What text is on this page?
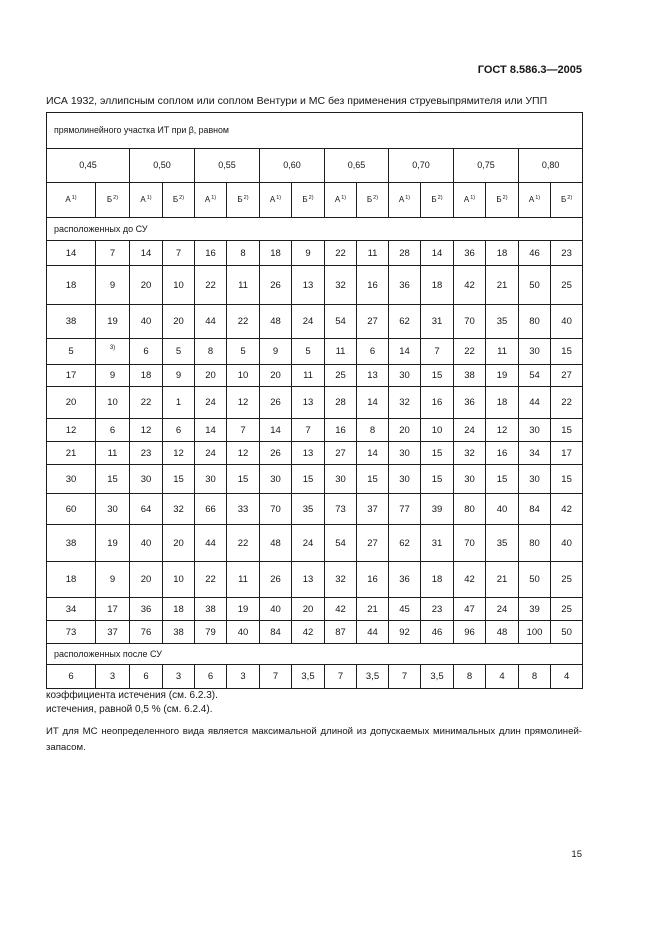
ГОСТ 8.586.3—2005
ИСА 1932, эллипсным соплом или соплом Вентури и МС без применения струевыпрямителя или УПП
прямолинейного участка ИТ при β, равном															
0,45		0,50		0,55		0,60		0,65		0,70		0,75		0,80	
$А^{1)}$	$Б^{2)}$	$А^{1)}$	$Б^{2)}$	$А^{1)}$	$Б^{2)}$	$А^{1)}$	$Б^{2)}$	$А^{1)}$	$Б^{2)}$	$А^{1)}$	$Б^{2)}$	$А^{1)}$	$Б^{2)}$	$А^{1)}$	$Б^{2)}$
расположенных до СУ															
14	7	14	7	16	8	18	9	22	11	28	14	36	18	46	23
18	9	20	10	22	11	26	13	32	16	36	18	42	21	50	25
38	19	40	20	44	22	48	24	54	27	62	31	70	35	80	40
5	$^{3)}$	6	5	8	5	9	5	11	6	14	7	22	11	30	15
17	9	18	9	20	10	20	11	25	13	30	15	38	19	54	27
20	10	22	1	24	12	26	13	28	14	32	16	36	18	44	22
12	6	12	6	14	7	14	7	16	8	20	10	24	12	30	15
21	11	23	12	24	12	26	13	27	14	30	15	32	16	34	17
30	15	30	15	30	15	30	15	30	15	30	15	30	15	30	15
60	30	64	32	66	33	70	35	73	37	77	39	80	40	84	42
38	19	40	20	44	22	48	24	54	27	62	31	70	35	80	40
18	9	20	10	22	11	26	13	32	16	36	18	42	21	50	25
34	17	36	18	38	19	40	20	42	21	45	23	47	24	39	25
73	37	76	38	79	40	84	42	87	44	92	46	96	48	100	50
расположенных после СУ															
6	3	6	3	6	3	7	3,5	7	3,5	7	3,5	8	4	8	4
коэффициента истечения (см. 6.2.3).
истечения, равной 0,5 % (см. 6.2.4).
ИТ для МС неопределенного вида является максимальной длиной из допускаемых минимальных длин прямолиней-
запасом.
15
